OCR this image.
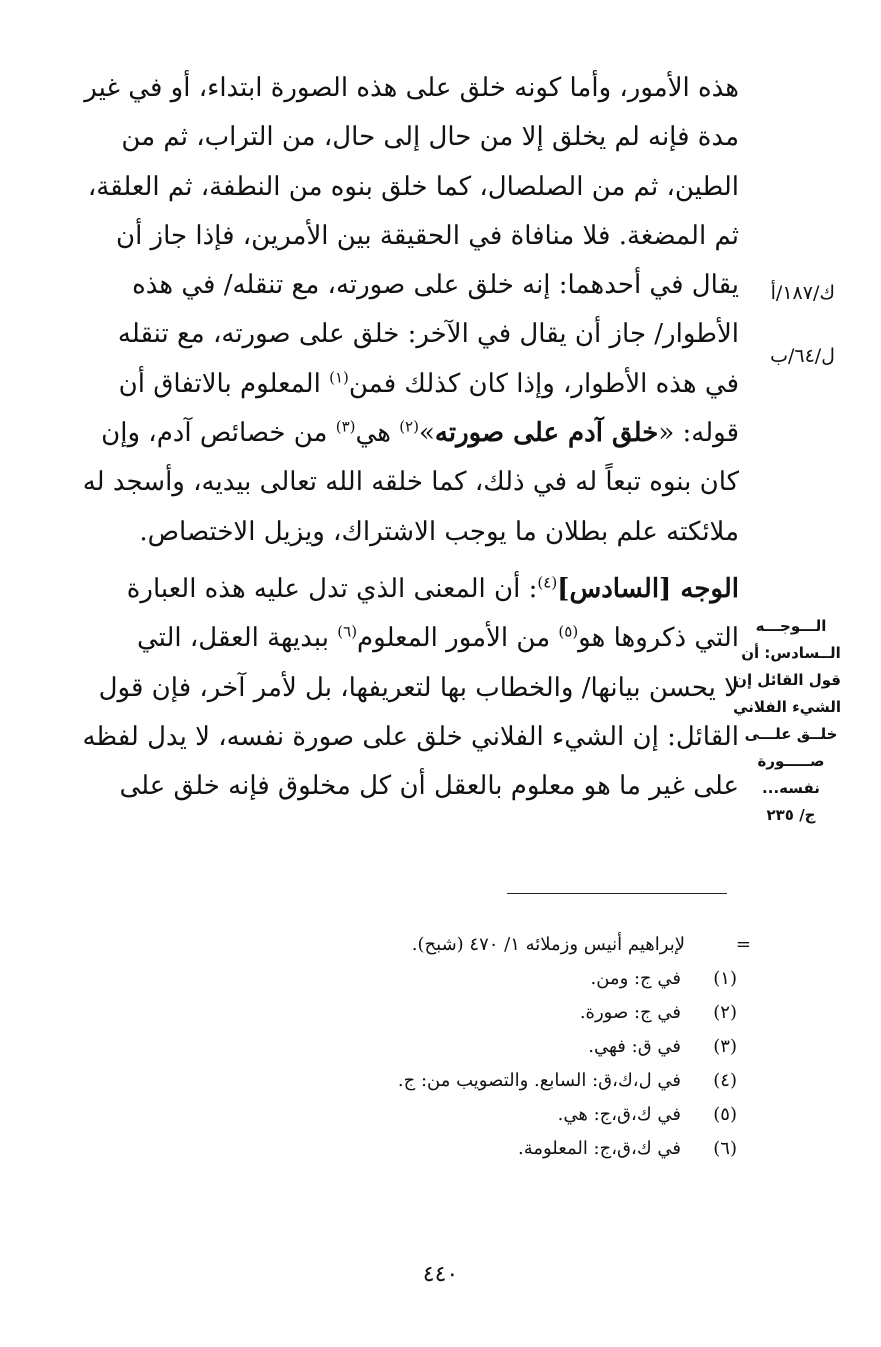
هذه الأمور، وأما كونه خلق على هذه الصورة ابتداء، أو في غير
مدة فإنه لم يخلق إلا من حال إلى حال، من التراب، ثم من
الطين، ثم من الصلصال، كما خلق بنوه من النطفة، ثم العلقة،
ثم المضغة. فلا منافاة في الحقيقة بين الأمرين، فإذا جاز أن
يقال في أحدهما: إنه خلق على صورته، مع تنقله/ في هذه
الأطوار/ جاز أن يقال في الآخر: خلق على صورته، مع تنقله
في هذه الأطوار، وإذا كان كذلك فمن$^{(١)}$ المعلوم بالاتفاق أن
قوله: «خلق آدم على صورته»$^{(٢)}$ هي$^{(٣)}$ من خصائص آدم، وإن
كان بنوه تبعاً له في ذلك، كما خلقه الله تعالى بيديه، وأسجد له
ملائكته علم بطلان ما يوجب الاشتراك، ويزيل الاختصاص.
الوجه [السادس]$^{(٤)}$: أن المعنى الذي تدل عليه هذه العبارة
التي ذكروها هو$^{(٥)}$ من الأمور المعلوم$^{(٦)}$ ببديهة العقل، التي
لا يحسن بيانها/ والخطاب بها لتعريفها، بل لأمر آخر، فإن قول
القائل: إن الشيء الفلاني خلق على صورة نفسه، لا يدل لفظه
على غير ما هو معلوم بالعقل أن كل مخلوق فإنه خلق على
ك/١٨٧/أ
ل/٦٤/ب
الـــوجـــه
الــسادس: أن
قول القائل إن
الشيء الفلاني
خلــق علـــى
صـــــورة
نفسه...
ج/ ٢٣٥
=
لإبراهيم أنيس وزملائه ١/ ٤٧٠ (شبح).
(١)
في ج: ومن.
(٢)
في ج: صورة.
(٣)
في ق: فهي.
(٤)
في ل،ك،ق: السابع. والتصويب من: ج.
(٥)
في ك،ق،ج: هي.
(٦)
في ك،ق،ج: المعلومة.
٤٤٠
